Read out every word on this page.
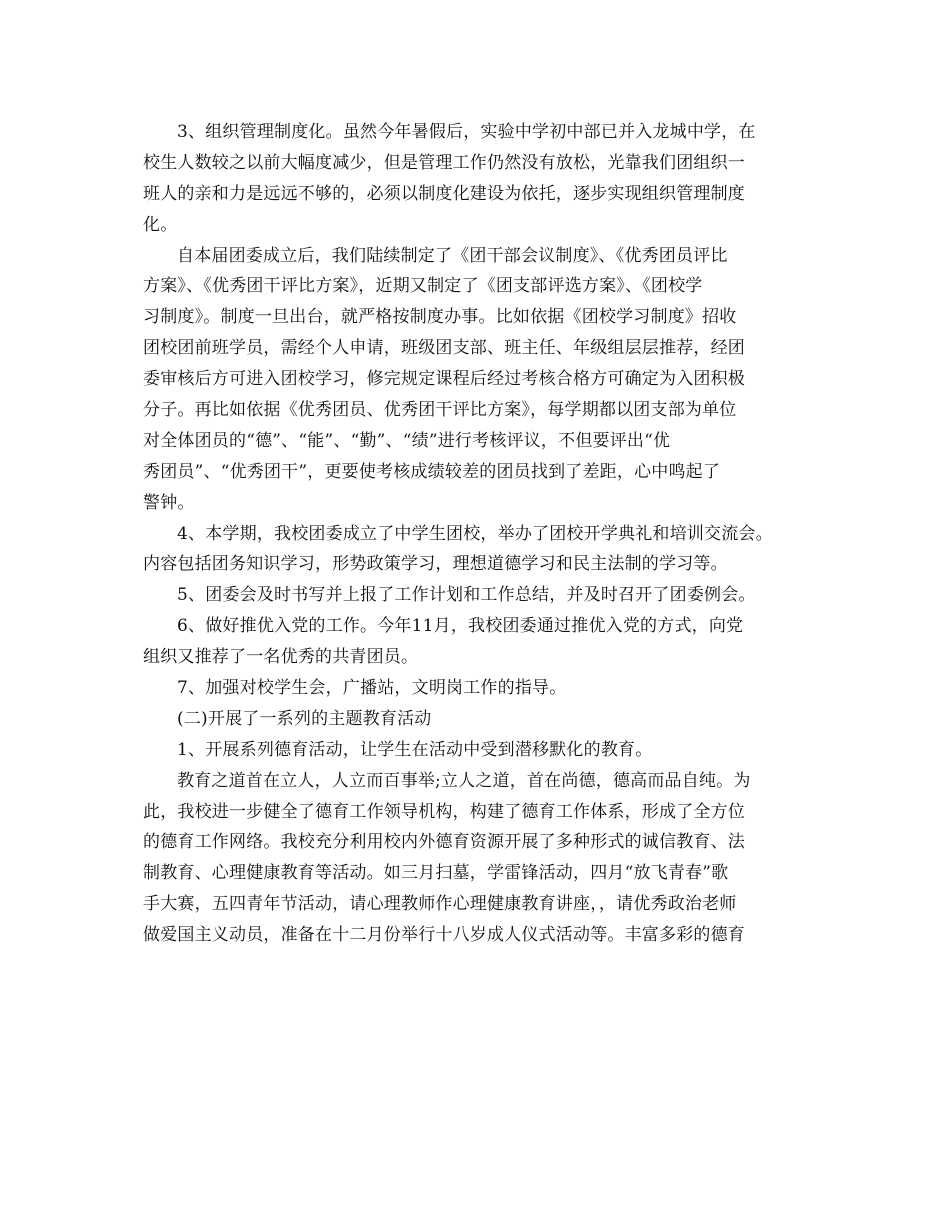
3、组织管理制度化。虽然今年暑假后，实验中学初中部已并入龙城中学，在
校生人数较之以前大幅度减少，但是管理工作仍然没有放松，光靠我们团组织一
班人的亲和力是远远不够的，必须以制度化建设为依托，逐步实现组织管理制度
化。
自本届团委成立后，我们陆续制定了《团干部会议制度》、《优秀团员评比
方案》、《优秀团干评比方案》，近期又制定了《团支部评选方案》、《团校学
习制度》。制度一旦出台，就严格按制度办事。比如依据《团校学习制度》招收
团校团前班学员，需经个人申请，班级团支部、班主任、年级组层层推荐，经团
委审核后方可进入团校学习，修完规定课程后经过考核合格方可确定为入团积极
分子。再比如依据《优秀团员、优秀团干评比方案》，每学期都以团支部为单位
对全体团员的“德”、“能”、“勤”、“绩”进行考核评议，不但要评出“优
秀团员”、“优秀团干”，更要使考核成绩较差的团员找到了差距，心中鸣起了
警钟。
4、本学期，我校团委成立了中学生团校，举办了团校开学典礼和培训交流会。
内容包括团务知识学习，形势政策学习，理想道德学习和民主法制的学习等。
5、团委会及时书写并上报了工作计划和工作总结，并及时召开了团委例会。
6、做好推优入党的工作。今年11月，我校团委通过推优入党的方式，向党
组织又推荐了一名优秀的共青团员。
7、加强对校学生会，广播站，文明岗工作的指导。
(二)开展了一系列的主题教育活动
1、开展系列德育活动，让学生在活动中受到潜移默化的教育。
教育之道首在立人，人立而百事举;立人之道，首在尚德，德高而品自纯。为
此，我校进一步健全了德育工作领导机构，构建了德育工作体系，形成了全方位
的德育工作网络。我校充分利用校内外德育资源开展了多种形式的诚信教育、法
制教育、心理健康教育等活动。如三月扫墓，学雷锋活动，四月“放飞青春”歌
手大赛，五四青年节活动，请心理教师作心理健康教育讲座，，请优秀政治老师
做爱国主义动员，准备在十二月份举行十八岁成人仪式活动等。丰富多彩的德育
